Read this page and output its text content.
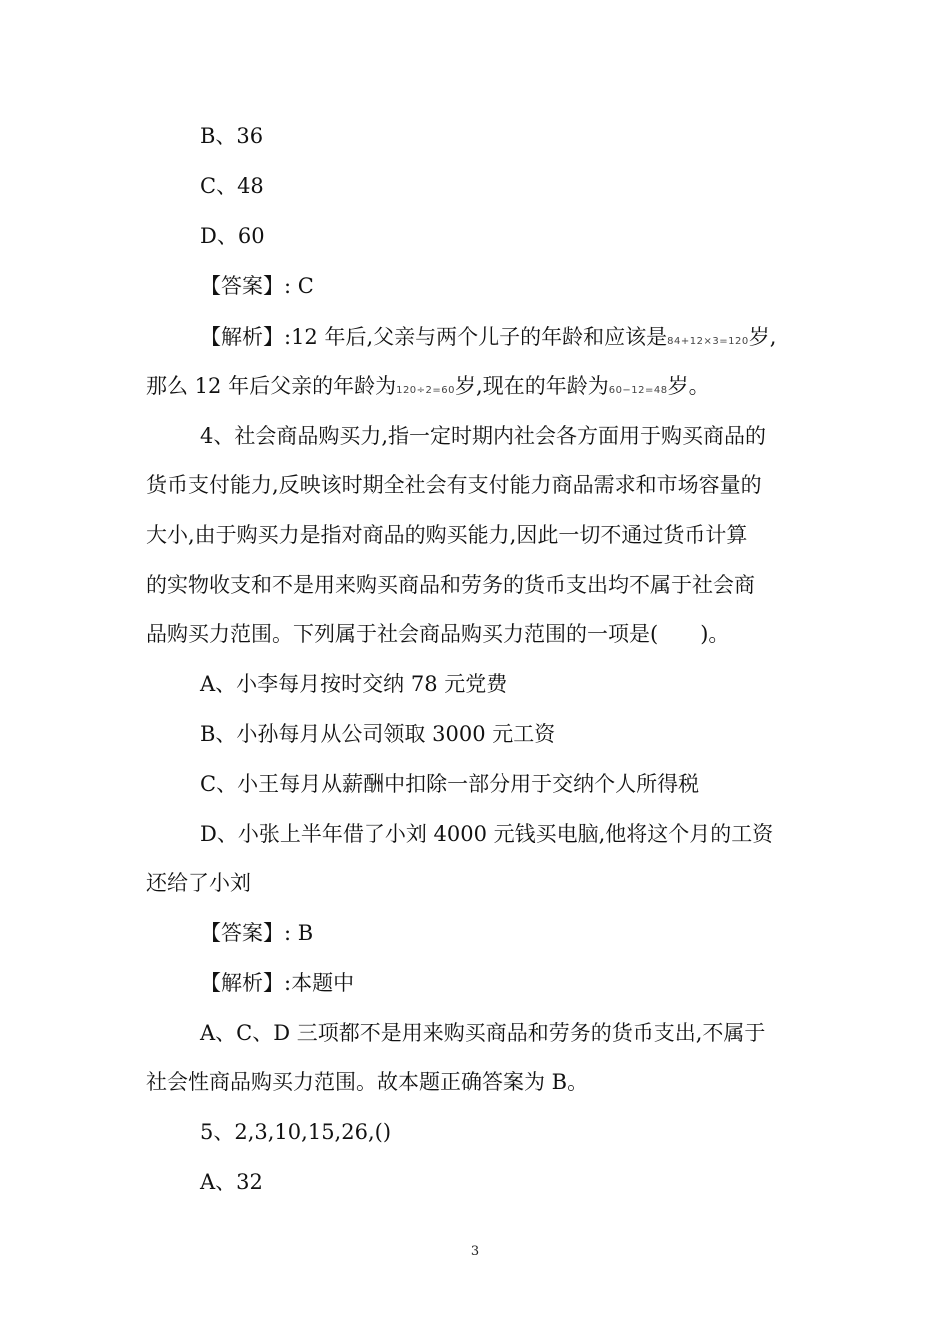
B、36
C、48
D、60
【答案】: C
【解析】:12 年后,父亲与两个儿子的年龄和应该是84+12×3=120岁,
那么 12 年后父亲的年龄为120÷2=60岁,现在的年龄为60−12=48岁。
4、社会商品购买力,指一定时期内社会各方面用于购买商品的
货币支付能力,反映该时期全社会有支付能力商品需求和市场容量的
大小,由于购买力是指对商品的购买能力,因此一切不通过货币计算
的实物收支和不是用来购买商品和劳务的货币支出均不属于社会商
品购买力范围。下列属于社会商品购买力范围的一项是(　　)。
A、小李每月按时交纳 78 元党费
B、小孙每月从公司领取 3000 元工资
C、小王每月从薪酬中扣除一部分用于交纳个人所得税
D、小张上半年借了小刘 4000 元钱买电脑,他将这个月的工资
还给了小刘
【答案】: B
【解析】:本题中
A、C、D 三项都不是用来购买商品和劳务的货币支出,不属于
社会性商品购买力范围。故本题正确答案为 B。
5、2,3,10,15,26,()
A、32
3
